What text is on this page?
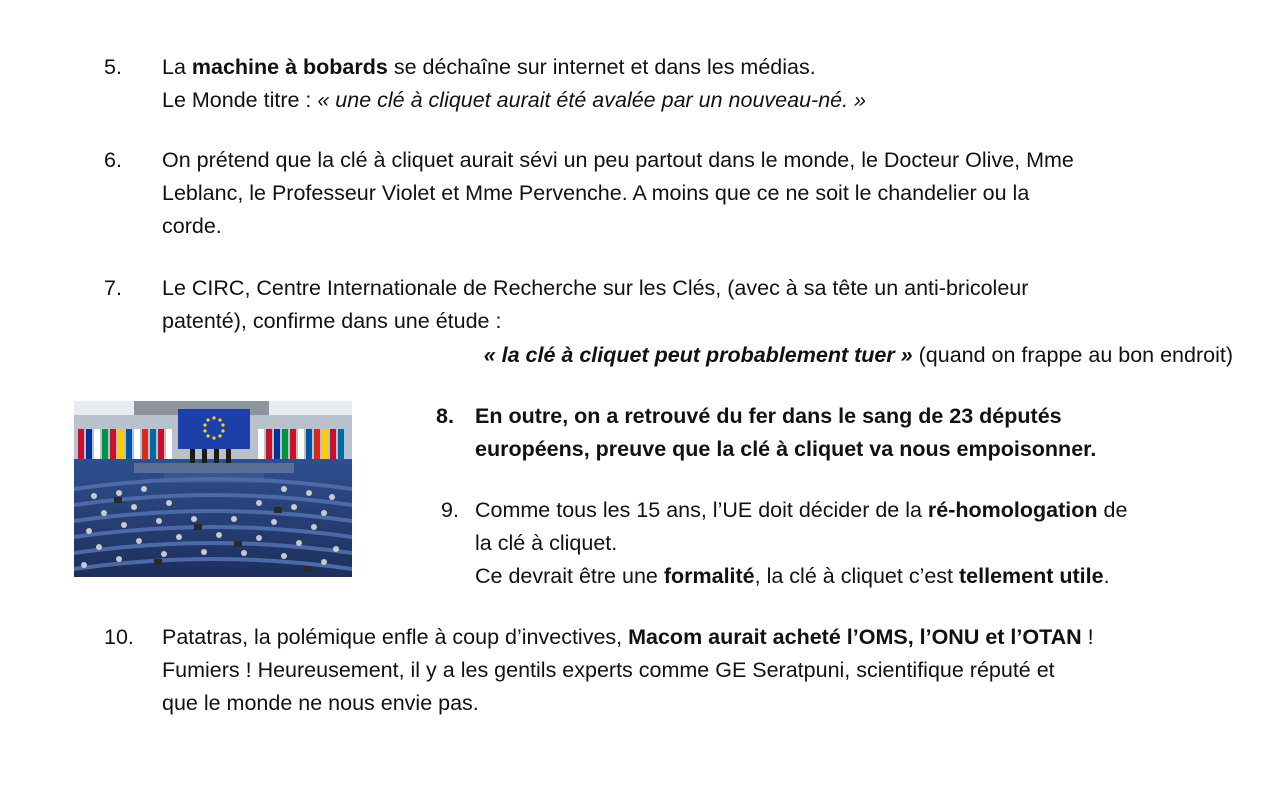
5. La machine à bobards se déchaîne sur internet et dans les médias.
Le Monde titre : « une clé à cliquet aurait été avalée par un nouveau-né. »
6. On prétend que la clé à cliquet aurait sévi un peu partout dans le monde, le Docteur Olive, Mme
Leblanc, le Professeur Violet et Mme Pervenche. A moins que ce ne soit le chandelier ou la
corde.
7. Le CIRC, Centre Internationale de Recherche sur les Clés, (avec à sa tête un anti-bricoleur
patenté), confirme dans une étude :
« la clé à cliquet peut probablement tuer » (quand on frappe au bon endroit)
8. En outre, on a retrouvé du fer dans le sang de 23 députés
européens, preuve que la clé à cliquet va nous empoisonner.
9. Comme tous les 15 ans, l’UE doit décider de la ré-homologation de
la clé à cliquet.
Ce devrait être une formalité, la clé à cliquet c’est tellement utile.
10. Patatras, la polémique enfle à coup d’invectives, Macom aurait acheté l’OMS, l’ONU et l’OTAN !
Fumiers ! Heureusement, il y a les gentils experts comme GE Seratpuni, scientifique réputé et
que le monde ne nous envie pas.
